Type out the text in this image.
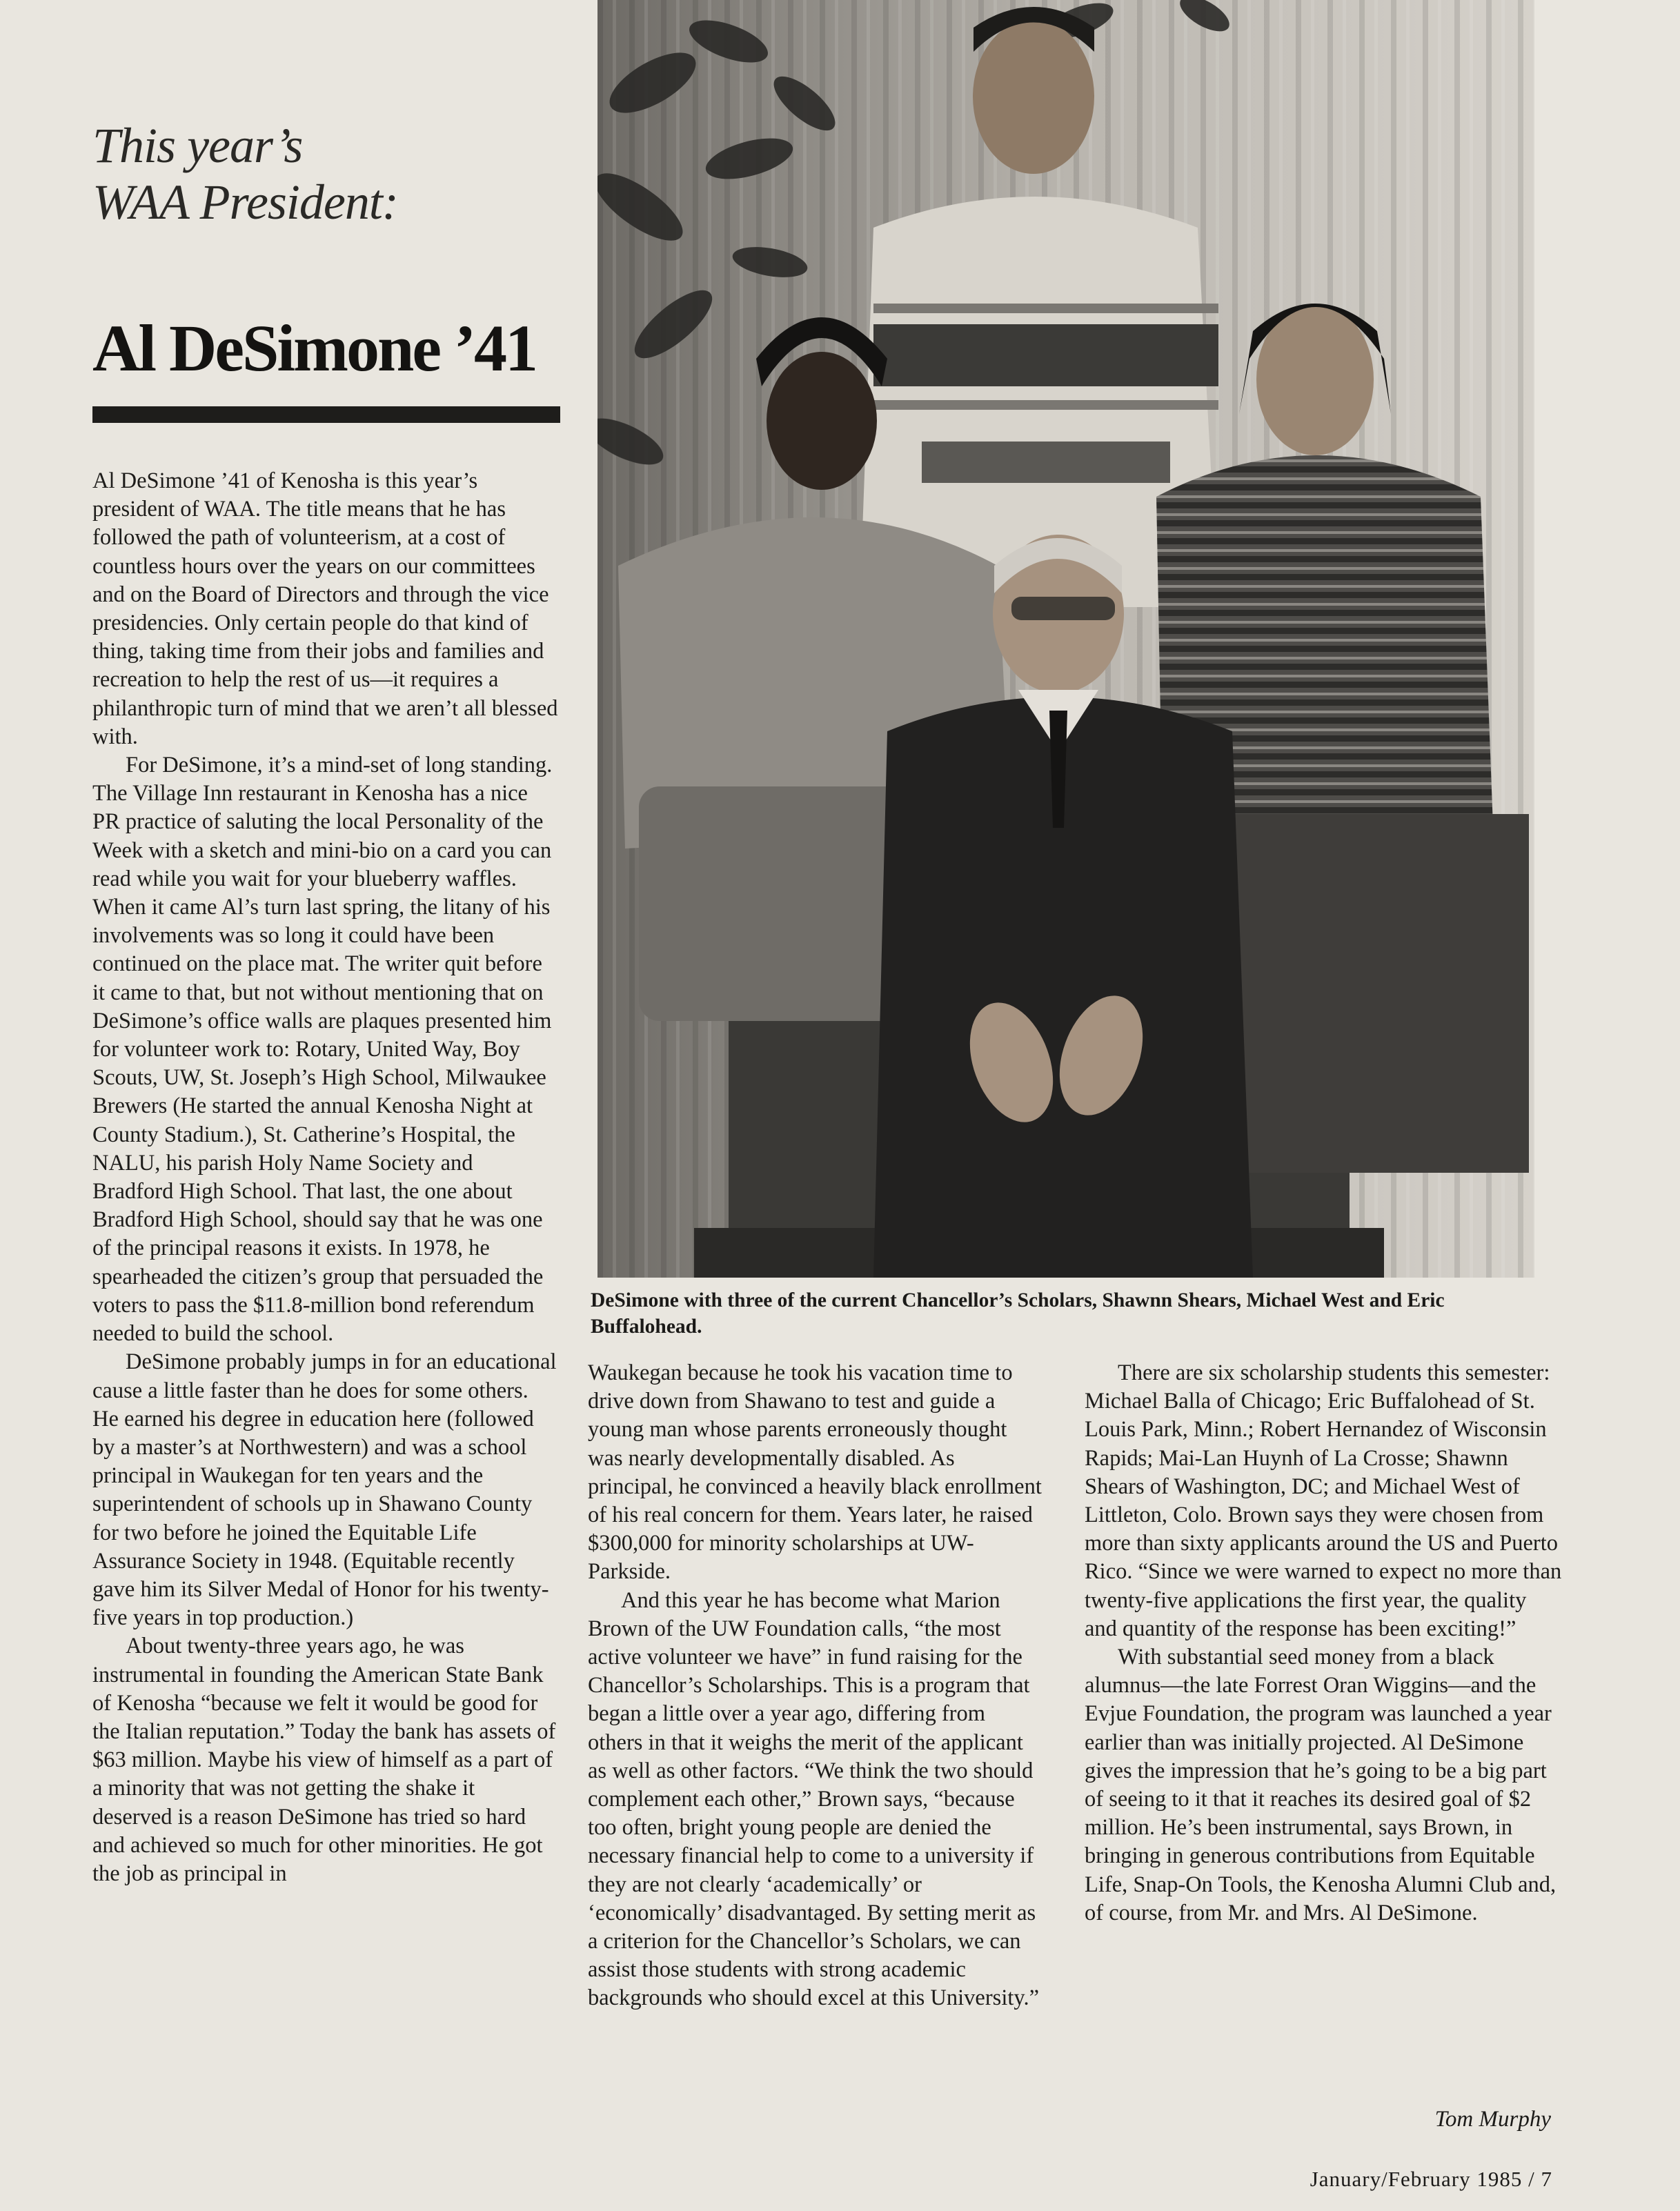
This year’s
WAA President:
Al DeSimone ’41
DeSimone with three of the current Chancellor’s Scholars, Shawnn Shears, Michael West and Eric Buffalohead.

Al DeSimone ’41 of Kenosha is this year’s president of WAA. The title means that he has followed the path of volunteerism, at a cost of countless hours over the years on our committees and on the Board of Directors and through the vice presidencies. Only certain people do that kind of thing, taking time from their jobs and families and recreation to help the rest of us—it requires a philanthropic turn of mind that we aren’t all blessed with.

For DeSimone, it’s a mind-set of long standing. The Village Inn restaurant in Kenosha has a nice PR practice of saluting the local Personality of the Week with a sketch and mini-bio on a card you can read while you wait for your blueberry waffles. When it came Al’s turn last spring, the litany of his involvements was so long it could have been continued on the place mat. The writer quit before it came to that, but not without mentioning that on DeSimone’s office walls are plaques presented him for volunteer work to: Rotary, United Way, Boy Scouts, UW, St. Joseph’s High School, Milwaukee Brewers (He started the annual Kenosha Night at County Stadium.), St. Catherine’s Hospital, the NALU, his parish Holy Name Society and Bradford High School. That last, the one about Bradford High School, should say that he was one of the principal reasons it exists. In 1978, he spearheaded the citizen’s group that persuaded the voters to pass the $11.8-million bond referendum needed to build the school.

DeSimone probably jumps in for an educational cause a little faster than he does for some others. He earned his degree in education here (followed by a master’s at Northwestern) and was a school principal in Waukegan for ten years and the superintendent of schools up in Shawano County for two before he joined the Equitable Life Assurance Society in 1948. (Equitable recently gave him its Silver Medal of Honor for his twenty-five years in top production.)

About twenty-three years ago, he was instrumental in founding the American State Bank of Kenosha “because we felt it would be good for the Italian reputation.” Today the bank has assets of $63 million. Maybe his view of himself as a part of a minority that was not getting the shake it deserved is a reason DeSimone has tried so hard and achieved so much for other minorities. He got the job as principal in

Waukegan because he took his vacation time to drive down from Shawano to test and guide a young man whose parents erroneously thought was nearly developmentally disabled. As principal, he convinced a heavily black enrollment of his real concern for them. Years later, he raised $300,000 for minority scholarships at UW-Parkside.

And this year he has become what Marion Brown of the UW Foundation calls, “the most active volunteer we have” in fund raising for the Chancellor’s Scholarships. This is a program that began a little over a year ago, differing from others in that it weighs the merit of the applicant as well as other factors. “We think the two should complement each other,” Brown says, “because too often, bright young people are denied the necessary financial help to come to a university if they are not clearly ‘academically’ or ‘economically’ disadvantaged. By setting merit as a criterion for the Chancellor’s Scholars, we can assist those students with strong academic backgrounds who should excel at this University.”

There are six scholarship students this semester: Michael Balla of Chicago; Eric Buffalohead of St. Louis Park, Minn.; Robert Hernandez of Wisconsin Rapids; Mai-Lan Huynh of La Crosse; Shawnn Shears of Washington, DC; and Michael West of Littleton, Colo. Brown says they were chosen from more than sixty applicants around the US and Puerto Rico. “Since we were warned to expect no more than twenty-five applications the first year, the quality and quantity of the response has been exciting!”

With substantial seed money from a black alumnus—the late Forrest Oran Wiggins—and the Evjue Foundation, the program was launched a year earlier than was initially projected. Al DeSimone gives the impression that he’s going to be a big part of seeing to it that it reaches its desired goal of $2 million. He’s been instrumental, says Brown, in bringing in generous contributions from Equitable Life, Snap-On Tools, the Kenosha Alumni Club and, of course, from Mr. and Mrs. Al DeSimone.

Tom Murphy
January/February 1985 / 7
